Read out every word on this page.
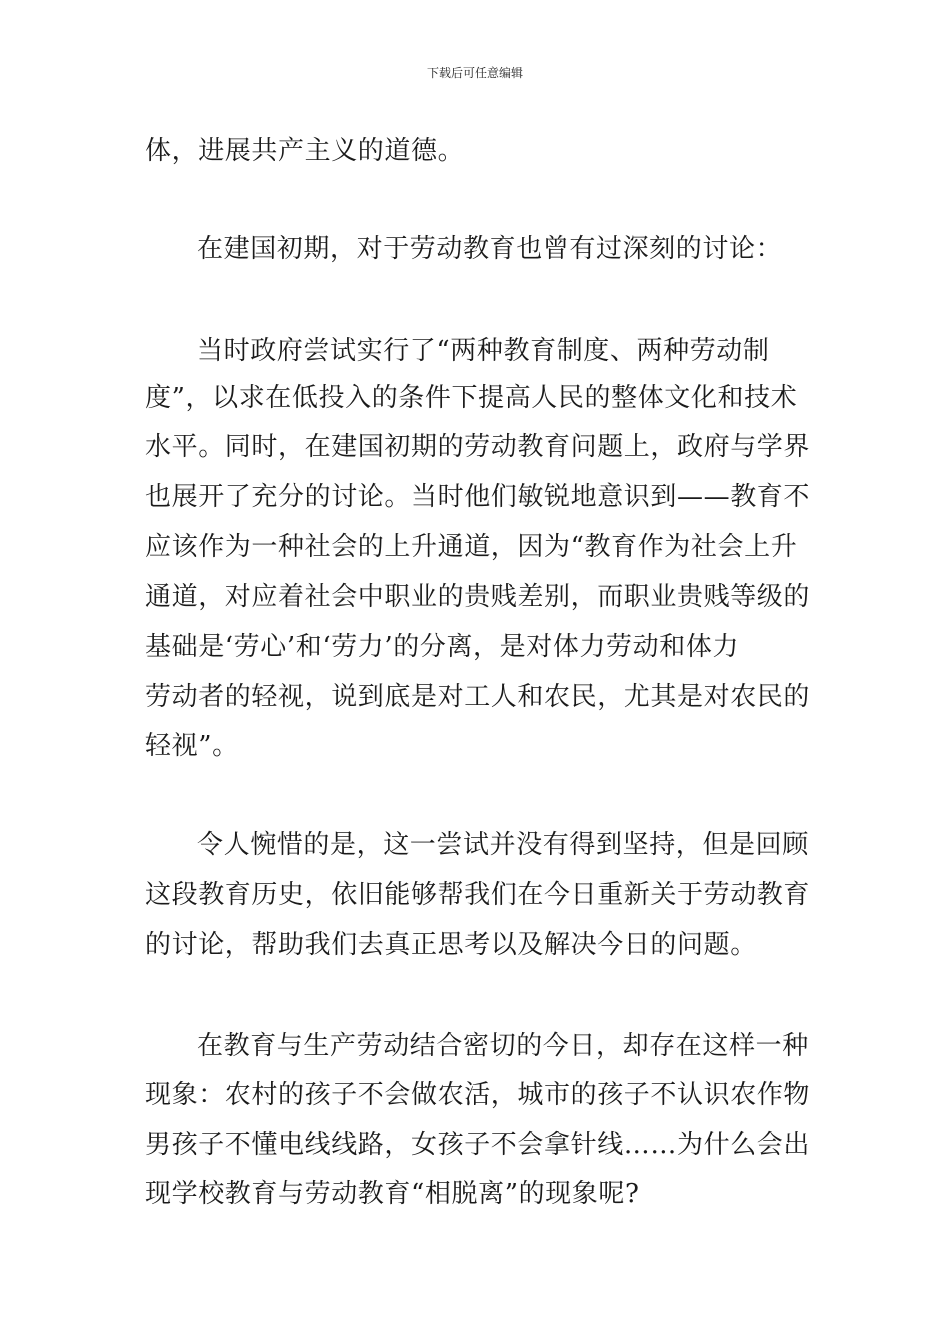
下载后可任意编辑
体，进展共产主义的道德。
在建国初期，对于劳动教育也曾有过深刻的讨论：
当时政府尝试实行了“两种教育制度、两种劳动制
度”，以求在低投入的条件下提高人民的整体文化和技术
水平。同时，在建国初期的劳动教育问题上，政府与学界
也展开了充分的讨论。当时他们敏锐地意识到——教育不
应该作为一种社会的上升通道，因为“教育作为社会上升
通道，对应着社会中职业的贵贱差别，而职业贵贱等级的
基础是‘劳心’和‘劳力’的分离，是对体力劳动和体力
劳动者的轻视，说到底是对工人和农民，尤其是对农民的
轻视”。
令人惋惜的是，这一尝试并没有得到坚持，但是回顾
这段教育历史，依旧能够帮我们在今日重新关于劳动教育
的讨论，帮助我们去真正思考以及解决今日的问题。
在教育与生产劳动结合密切的今日，却存在这样一种
现象：农村的孩子不会做农活，城市的孩子不认识农作物
男孩子不懂电线线路，女孩子不会拿针线……为什么会出
现学校教育与劳动教育“相脱离”的现象呢?
